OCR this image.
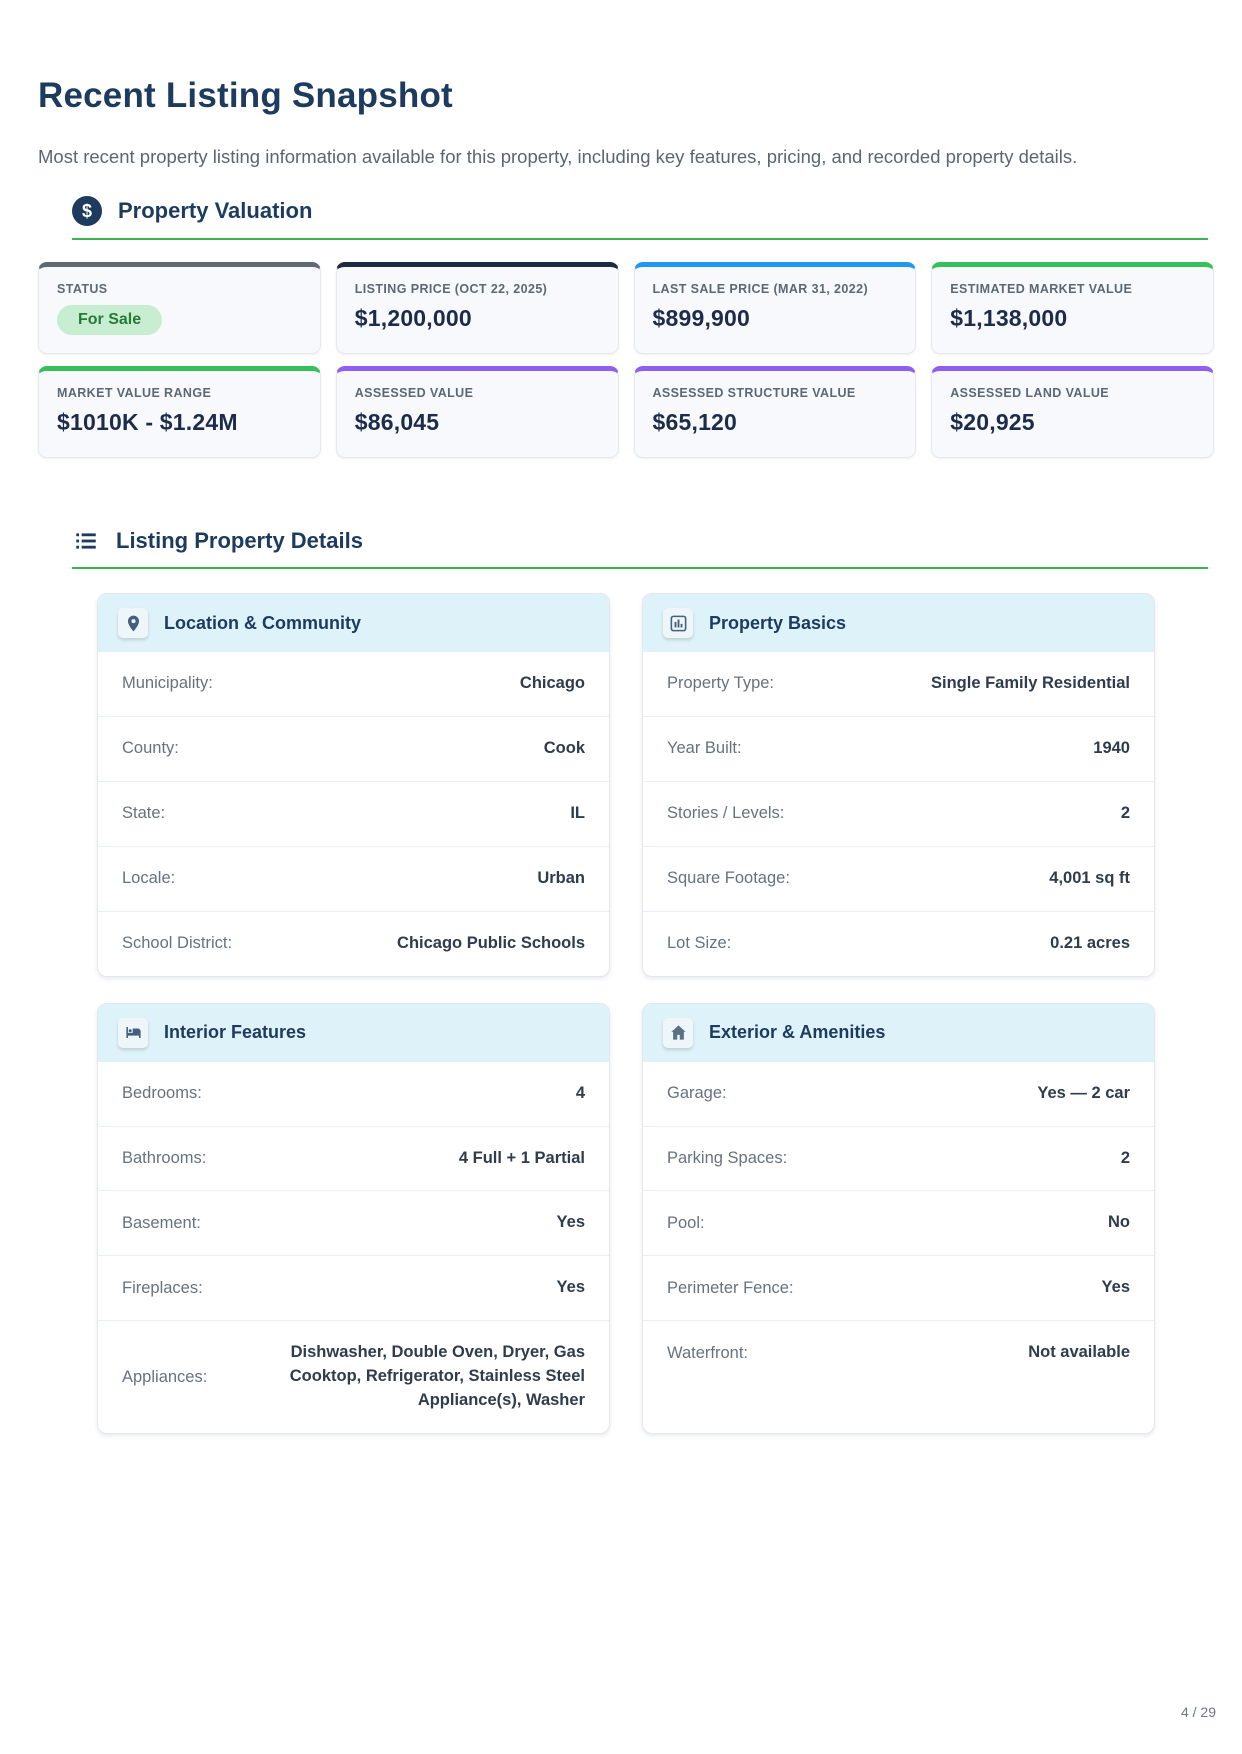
Recent Listing Snapshot

Most recent property listing information available for this property, including key features, pricing, and recorded property details.

$	Property Valuation
STATUS
For Sale
LISTING PRICE (OCT 22, 2025)
$1,200,000
LAST SALE PRICE (MAR 31, 2022)
$899,900
ESTIMATED MARKET VALUE
$1,138,000
MARKET VALUE RANGE
$1010K - $1.24M
ASSESSED VALUE
$86,045
ASSESSED STRUCTURE VALUE
$65,120
ASSESSED LAND VALUE
$20,925
Listing Property Details
Location & Community
Municipality:	Chicago
County:	Cook
State:	IL
Locale:	Urban
School District:	Chicago Public Schools
Property Basics
Property Type:	Single Family Residential
Year Built:	1940
Stories / Levels:	2
Square Footage:	4,001 sq ft
Lot Size:	0.21 acres
Interior Features
Bedrooms:	4
Bathrooms:	4 Full + 1 Partial
Basement:	Yes
Fireplaces:	Yes
Appliances:
Dishwasher, Double Oven, Dryer, Gas Cooktop, Refrigerator, Stainless Steel Appliance(s), Washer
Exterior & Amenities
Garage:	Yes — 2 car
Parking Spaces:	2
Pool:	No
Perimeter Fence:	Yes
Waterfront:	Not available
4 / 29
